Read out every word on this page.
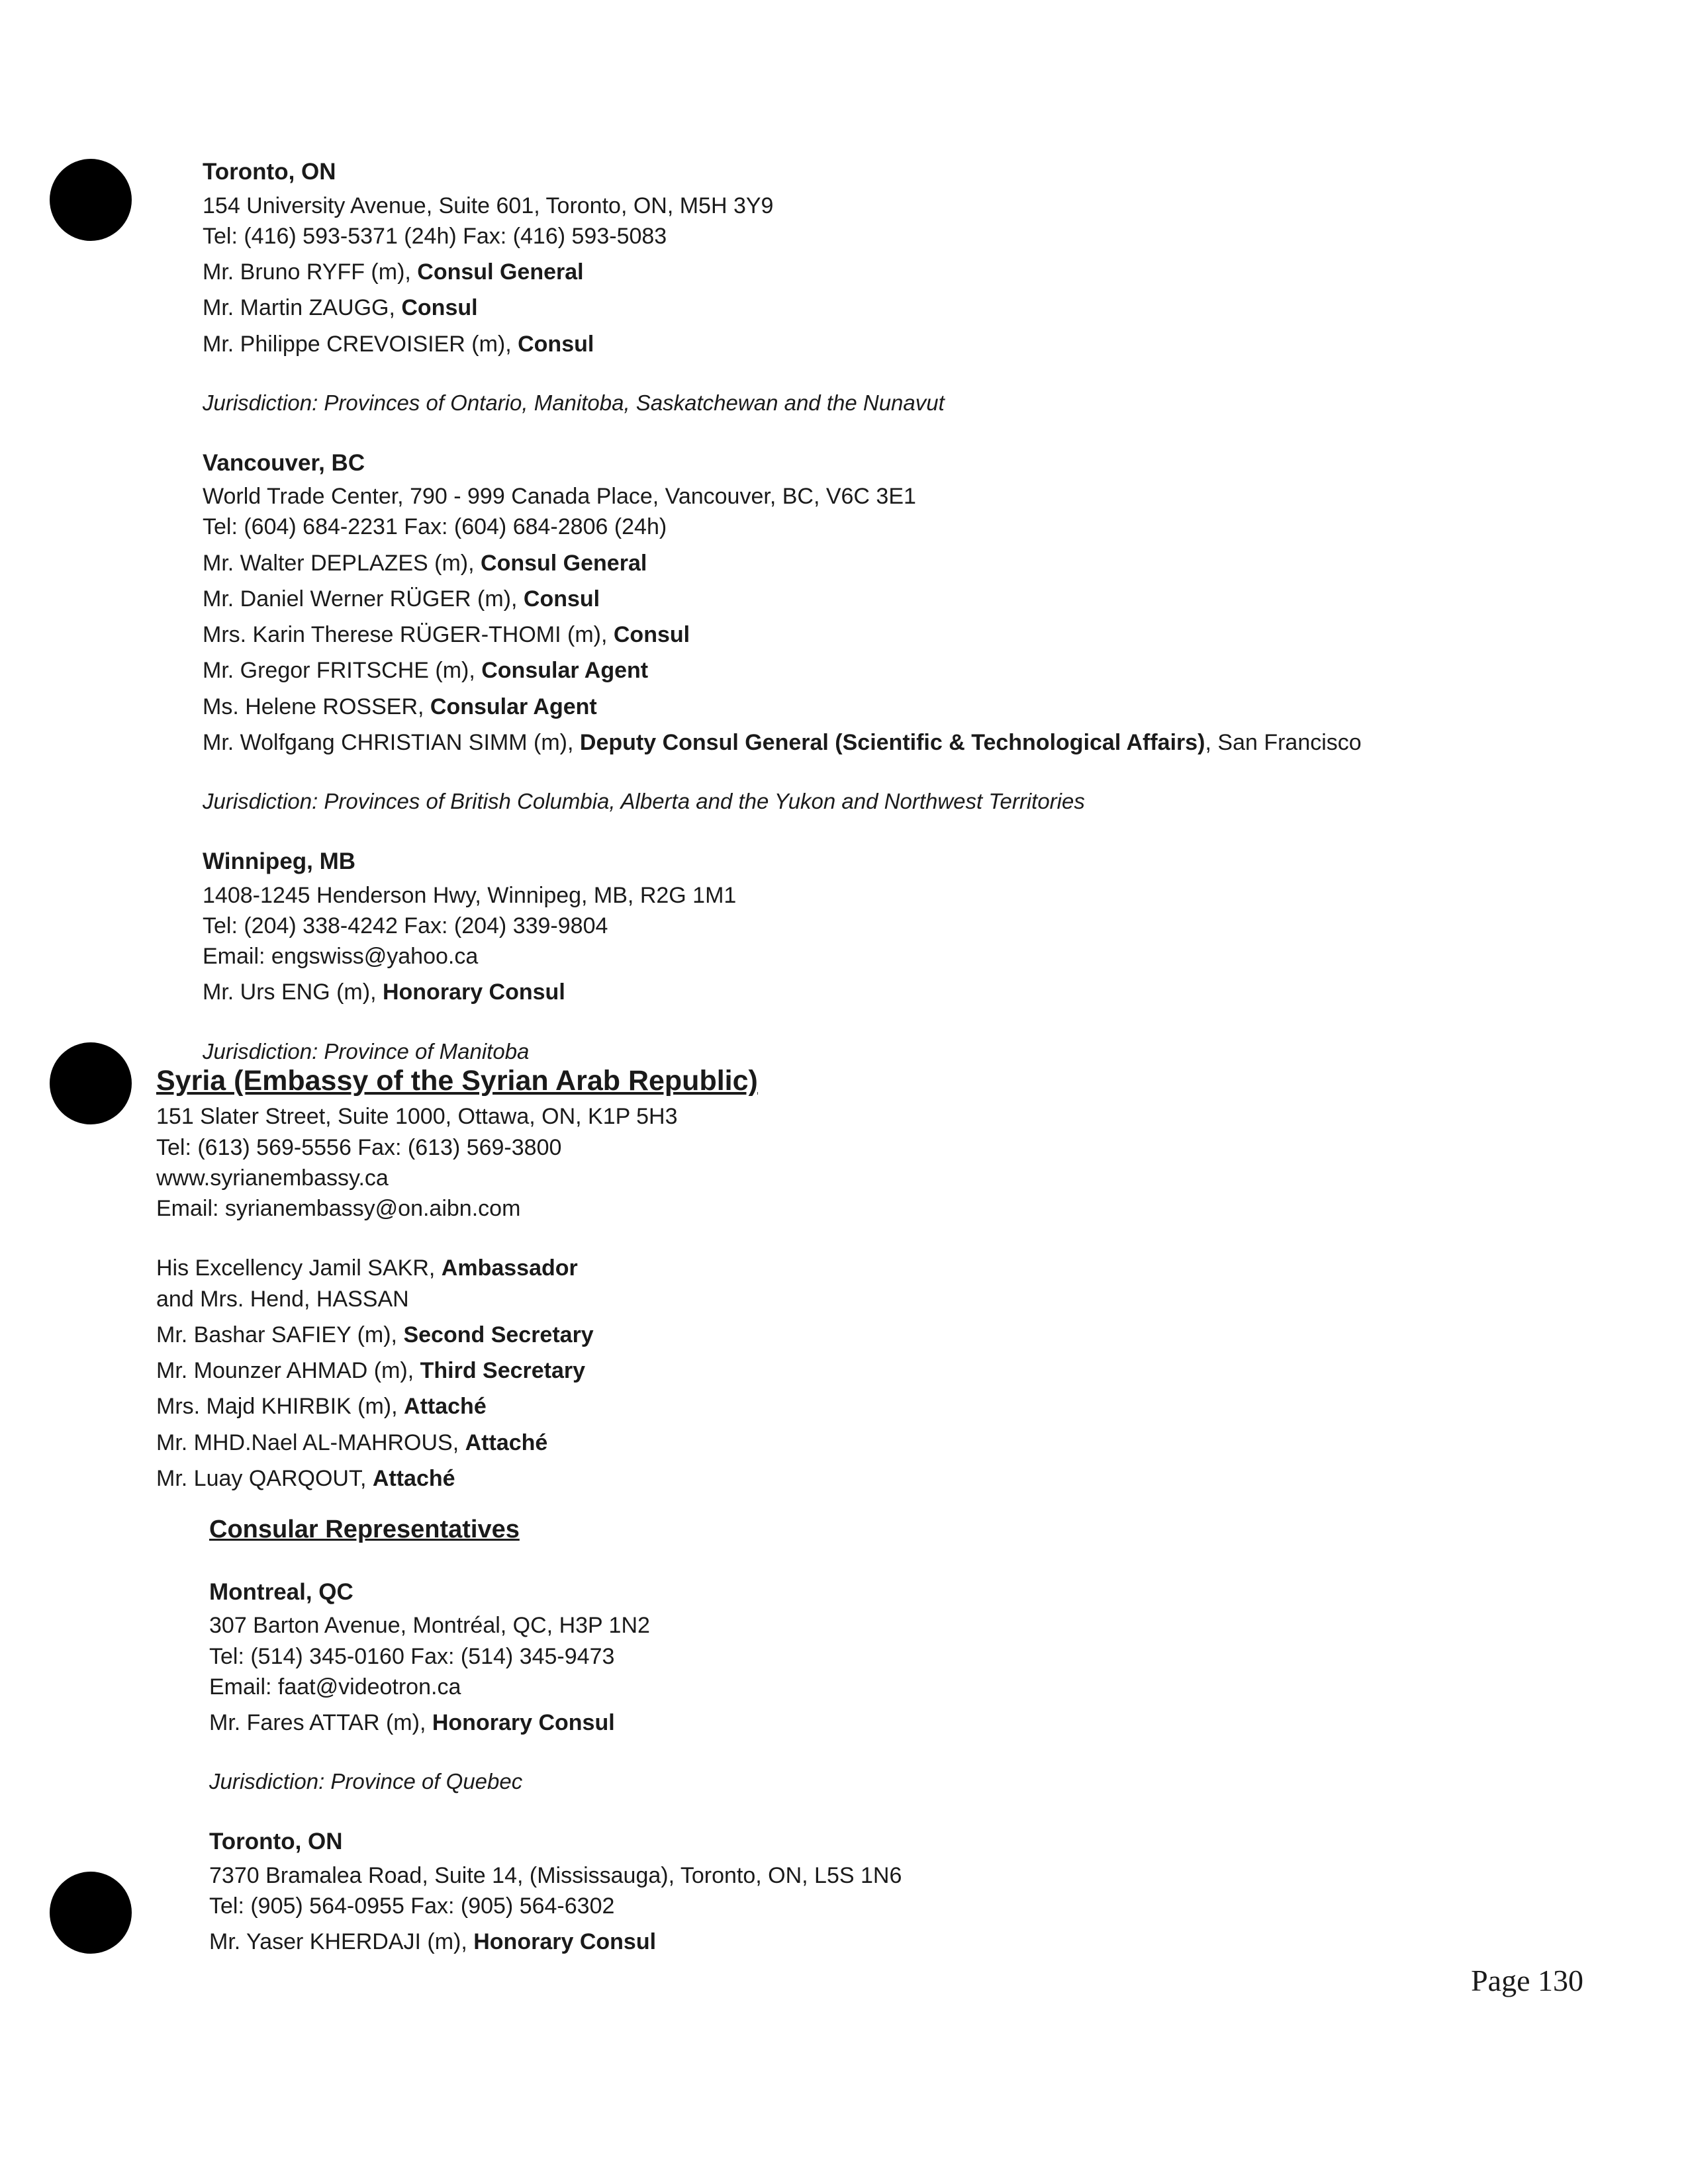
Toronto, ON
154 University Avenue, Suite 601, Toronto, ON, M5H 3Y9
Tel: (416) 593-5371 (24h) Fax: (416) 593-5083
Mr. Bruno RYFF (m), Consul General
Mr. Martin ZAUGG, Consul
Mr. Philippe CREVOISIER (m), Consul
Jurisdiction: Provinces of Ontario, Manitoba, Saskatchewan and the Nunavut
Vancouver, BC
World Trade Center, 790 - 999 Canada Place, Vancouver, BC, V6C 3E1
Tel: (604) 684-2231 Fax: (604) 684-2806 (24h)
Mr. Walter DEPLAZES (m), Consul General
Mr. Daniel Werner RÜGER (m), Consul
Mrs. Karin Therese RÜGER-THOMI (m), Consul
Mr. Gregor FRITSCHE (m), Consular Agent
Ms. Helene ROSSER, Consular Agent
Mr. Wolfgang CHRISTIAN SIMM (m), Deputy Consul General (Scientific & Technological Affairs), San Francisco
Jurisdiction: Provinces of British Columbia, Alberta and the Yukon and Northwest Territories
Winnipeg, MB
1408-1245 Henderson Hwy, Winnipeg, MB, R2G 1M1
Tel: (204) 338-4242 Fax: (204) 339-9804
Email: engswiss@yahoo.ca
Mr. Urs ENG (m), Honorary Consul
Jurisdiction: Province of Manitoba
Syria (Embassy of the Syrian Arab Republic)
151 Slater Street, Suite 1000, Ottawa, ON, K1P 5H3
Tel: (613) 569-5556 Fax: (613) 569-3800
www.syrianembassy.ca
Email: syrianembassy@on.aibn.com
His Excellency Jamil SAKR, Ambassador
and Mrs. Hend, HASSAN
Mr. Bashar SAFIEY (m), Second Secretary
Mr. Mounzer AHMAD (m), Third Secretary
Mrs. Majd KHIRBIK (m), Attaché
Mr. MHD.Nael AL-MAHROUS, Attaché
Mr. Luay QARQOUT, Attaché
Consular Representatives
Montreal, QC
307 Barton Avenue, Montréal, QC, H3P 1N2
Tel: (514) 345-0160 Fax: (514) 345-9473
Email: faat@videotron.ca
Mr. Fares ATTAR (m), Honorary Consul
Jurisdiction: Province of Quebec
Toronto, ON
7370 Bramalea Road, Suite 14, (Mississauga), Toronto, ON, L5S 1N6
Tel: (905) 564-0955 Fax: (905) 564-6302
Mr. Yaser KHERDAJI (m), Honorary Consul
Page 130
